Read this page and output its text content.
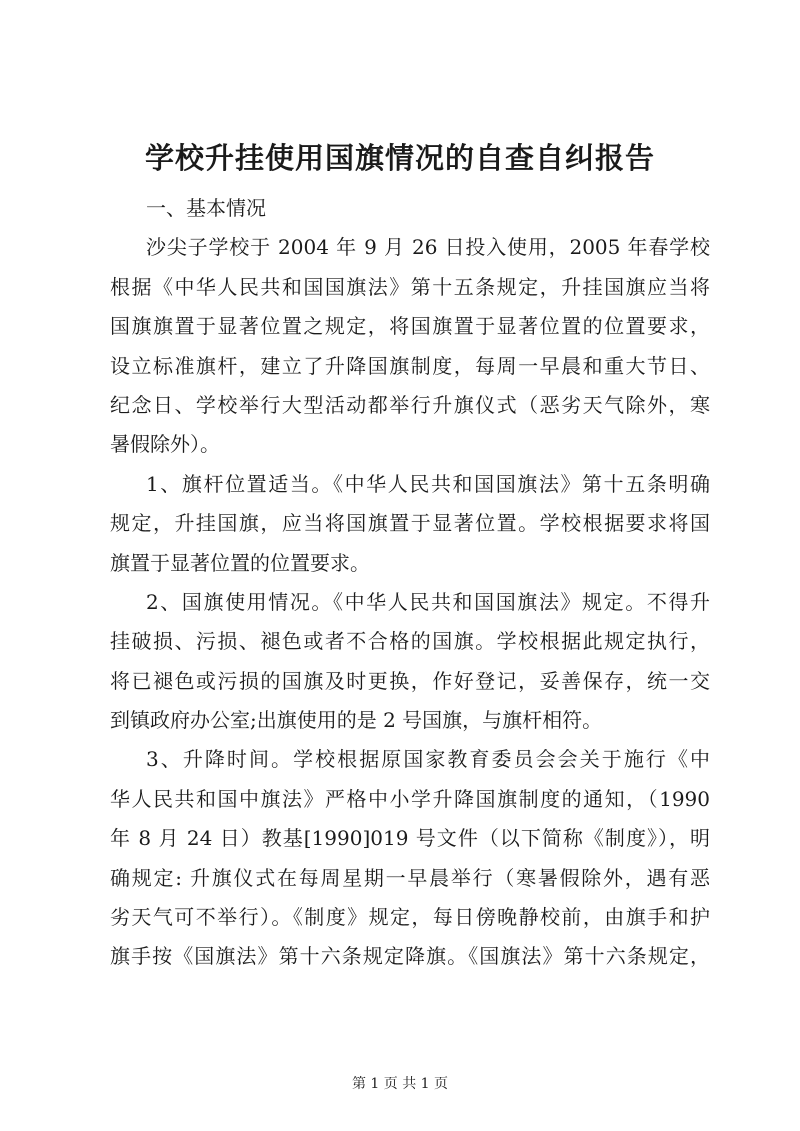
学校升挂使用国旗情况的自查自纠报告
一、基本情况
沙尖子学校于 2004 年 9 月 26 日投入使用，2005 年春学校
根据《中华人民共和国国旗法》第十五条规定，升挂国旗应当将
国旗旗置于显著位置之规定，将国旗置于显著位置的位置要求，
设立标准旗杆，建立了升降国旗制度，每周一早晨和重大节日、
纪念日、学校举行大型活动都举行升旗仪式（恶劣天气除外，寒
暑假除外）。
1、旗杆位置适当。《中华人民共和国国旗法》第十五条明确
规定，升挂国旗，应当将国旗置于显著位置。学校根据要求将国
旗置于显著位置的位置要求。
2、国旗使用情况。《中华人民共和国国旗法》规定。不得升
挂破损、污损、褪色或者不合格的国旗。学校根据此规定执行，
将已褪色或污损的国旗及时更换，作好登记，妥善保存，统一交
到镇政府办公室;出旗使用的是 2 号国旗，与旗杆相符。
3、升降时间。学校根据原国家教育委员会会关于施行《中
华人民共和国中旗法》严格中小学升降国旗制度的通知，（1990
年 8 月 24 日）教基[1990]019 号文件（以下简称《制度》），明
确规定: 升旗仪式在每周星期一早晨举行（寒暑假除外，遇有恶
劣天气可不举行）。《制度》规定，每日傍晚静校前，由旗手和护
旗手按《国旗法》第十六条规定降旗。《国旗法》第十六条规定，
第 1 页 共 1 页
